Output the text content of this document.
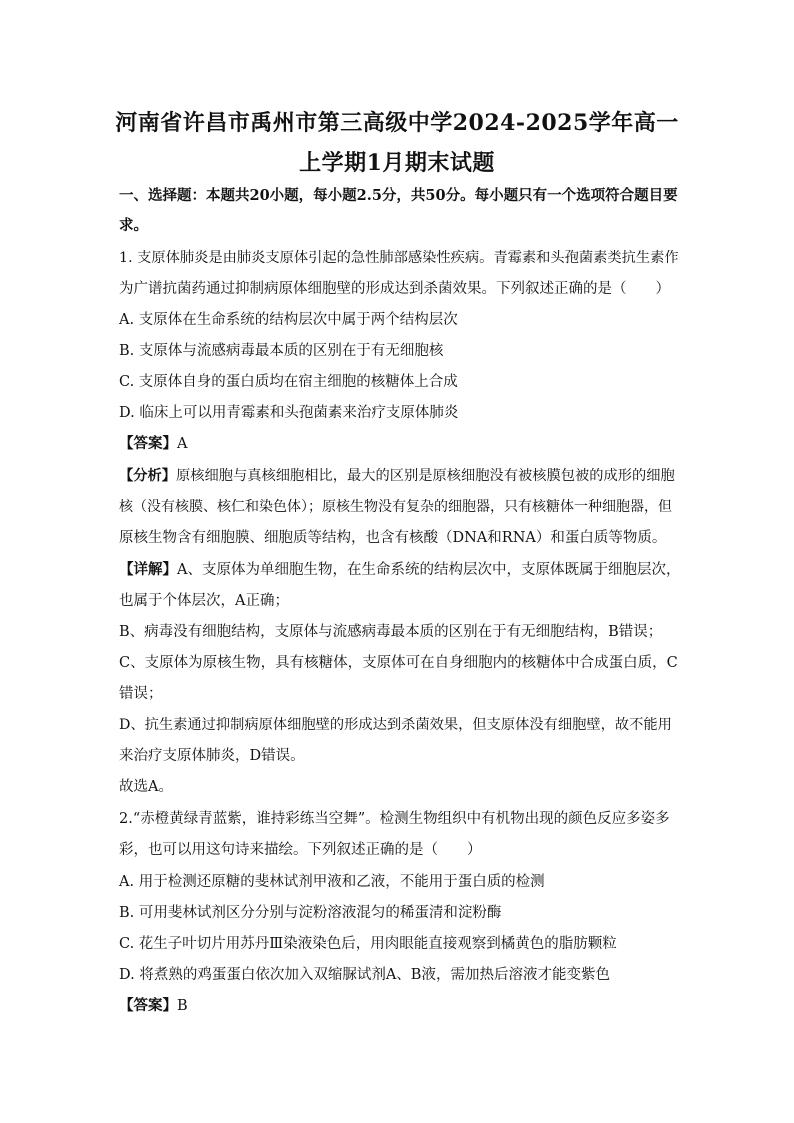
河南省许昌市禹州市第三高级中学2024-2025学年高一
上学期1月期末试题
一、选择题：本题共20小题，每小题2.5分，共50分。每小题只有一个选项符合题目要
求。
1. 支原体肺炎是由肺炎支原体引起的急性肺部感染性疾病。青霉素和头孢菌素类抗生素作
为广谱抗菌药通过抑制病原体细胞壁的形成达到杀菌效果。下列叙述正确的是（　　）
A. 支原体在生命系统的结构层次中属于两个结构层次
B. 支原体与流感病毒最本质的区别在于有无细胞核
C. 支原体自身的蛋白质均在宿主细胞的核糖体上合成
D. 临床上可以用青霉素和头孢菌素来治疗支原体肺炎
【答案】A
【分析】原核细胞与真核细胞相比，最大的区别是原核细胞没有被核膜包被的成形的细胞
核（没有核膜、核仁和染色体）；原核生物没有复杂的细胞器，只有核糖体一种细胞器，但
原核生物含有细胞膜、细胞质等结构，也含有核酸（DNA和RNA）和蛋白质等物质。
【详解】A、支原体为单细胞生物，在生命系统的结构层次中，支原体既属于细胞层次，
也属于个体层次，A正确；
B、病毒没有细胞结构，支原体与流感病毒最本质的区别在于有无细胞结构，B错误；
C、支原体为原核生物，具有核糖体，支原体可在自身细胞内的核糖体中合成蛋白质，C
错误；
D、抗生素通过抑制病原体细胞壁的形成达到杀菌效果，但支原体没有细胞壁，故不能用
来治疗支原体肺炎，D错误。
故选A。
2.“赤橙黄绿青蓝紫，谁持彩练当空舞”。检测生物组织中有机物出现的颜色反应多姿多
彩，也可以用这句诗来描绘。下列叙述正确的是（　　）
A. 用于检测还原糖的斐林试剂甲液和乙液，不能用于蛋白质的检测
B. 可用斐林试剂区分分别与淀粉溶液混匀的稀蛋清和淀粉酶
C. 花生子叶切片用苏丹Ⅲ染液染色后，用肉眼能直接观察到橘黄色的脂肪颗粒
D. 将煮熟的鸡蛋蛋白依次加入双缩脲试剂A、B液，需加热后溶液才能变紫色
【答案】B
